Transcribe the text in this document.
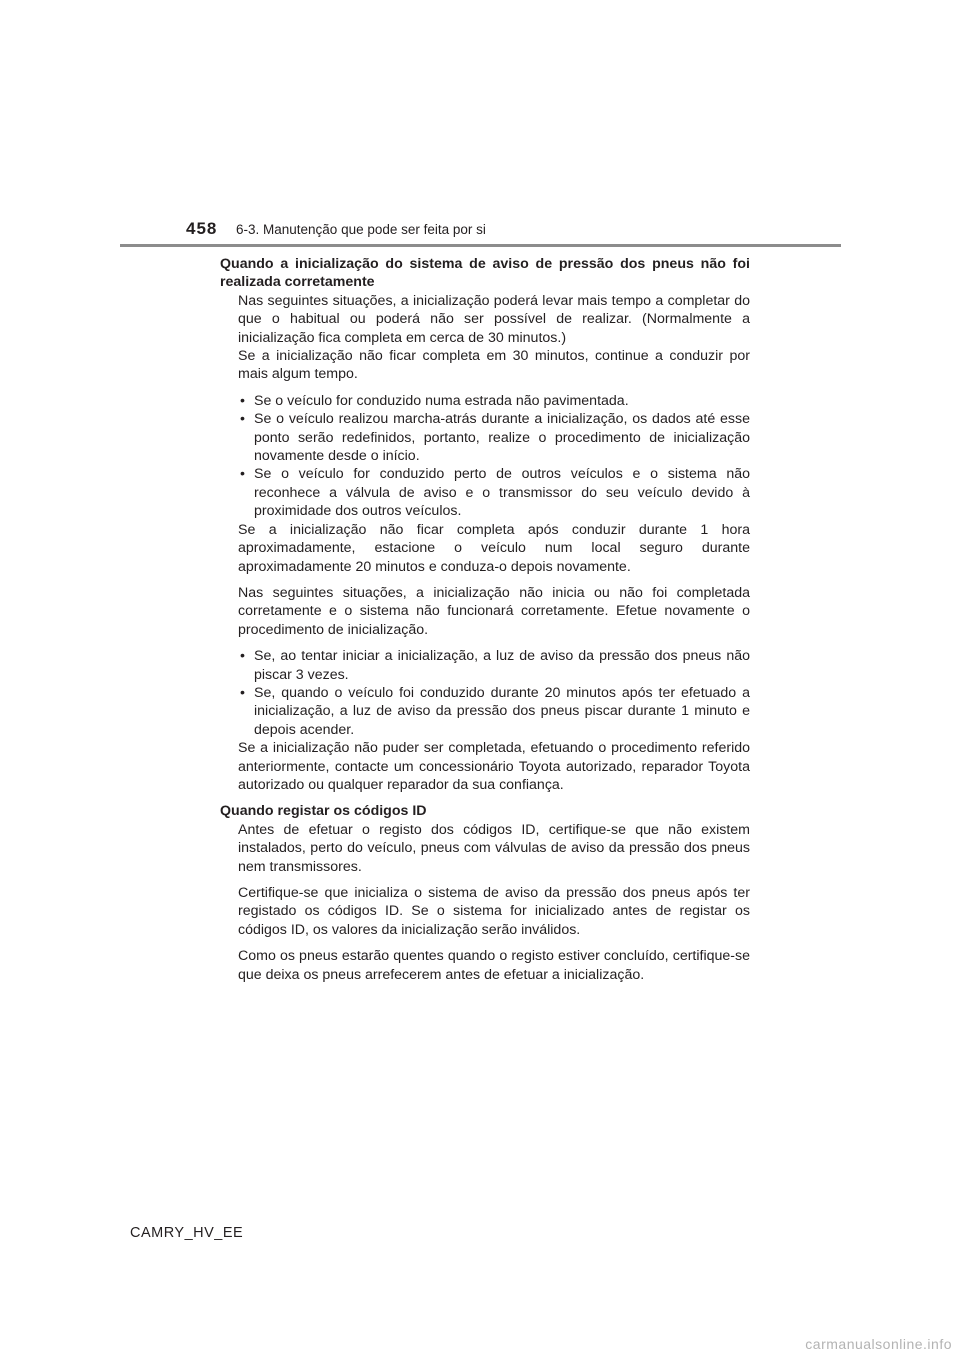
458 6-3. Manutenção que pode ser feita por si

Quando a inicialização do sistema de aviso de pressão dos pneus não foi realizada corretamente

Nas seguintes situações, a inicialização poderá levar mais tempo a completar do que o habitual ou poderá não ser possível de realizar. (Normalmente a inicialização fica completa em cerca de 30 minutos.)

Se a inicialização não ficar completa em 30 minutos, continue a conduzir por mais algum tempo.

• Se o veículo for conduzido numa estrada não pavimentada.
• Se o veículo realizou marcha-atrás durante a inicialização, os dados até esse ponto serão redefinidos, portanto, realize o procedimento de inicialização novamente desde o início.
• Se o veículo for conduzido perto de outros veículos e o sistema não reconhece a válvula de aviso e o transmissor do seu veículo devido à proximidade dos outros veículos.

Se a inicialização não ficar completa após conduzir durante 1 hora aproximadamente, estacione o veículo num local seguro durante aproximadamente 20 minutos e conduza-o depois novamente.

Nas seguintes situações, a inicialização não inicia ou não foi completada corretamente e o sistema não funcionará corretamente. Efetue novamente o procedimento de inicialização.

• Se, ao tentar iniciar a inicialização, a luz de aviso da pressão dos pneus não piscar 3 vezes.
• Se, quando o veículo foi conduzido durante 20 minutos após ter efetuado a inicialização, a luz de aviso da pressão dos pneus piscar durante 1 minuto e depois acender.

Se a inicialização não puder ser completada, efetuando o procedimento referido anteriormente, contacte um concessionário Toyota autorizado, reparador Toyota autorizado ou qualquer reparador da sua confiança.

Quando registar os códigos ID

Antes de efetuar o registo dos códigos ID, certifique-se que não existem instalados, perto do veículo, pneus com válvulas de aviso da pressão dos pneus nem transmissores.

Certifique-se que inicializa o sistema de aviso da pressão dos pneus após ter registado os códigos ID. Se o sistema for inicializado antes de registar os códigos ID, os valores da inicialização serão inválidos.

Como os pneus estarão quentes quando o registo estiver concluído, certifique-se que deixa os pneus arrefecerem antes de efetuar a inicialização.

CAMRY_HV_EE
carmanualsonline.info
